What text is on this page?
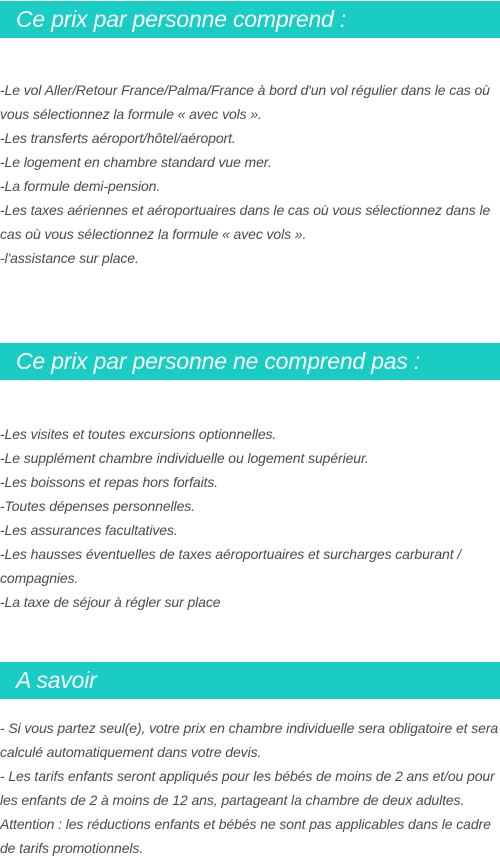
Ce prix par personne comprend :
-Le vol Aller/Retour France/Palma/France à bord d'un vol régulier dans le cas où vous sélectionnez la formule « avec vols ».
-Les transferts aéroport/hôtel/aéroport.
-Le logement en chambre standard vue mer.
-La formule demi-pension.
-Les taxes aériennes et aéroportuaires dans le cas où vous sélectionnez dans le cas où vous sélectionnez la formule « avec vols ».
-l'assistance sur place.
Ce prix par personne ne comprend pas :
-Les visites et toutes excursions optionnelles.
-Le supplément chambre individuelle ou logement supérieur.
-Les boissons et repas hors forfaits.
-Toutes dépenses personnelles.
-Les assurances facultatives.
-Les hausses éventuelles de taxes aéroportuaires et surcharges carburant / compagnies.
-La taxe de séjour à régler sur place
A savoir
- Si vous partez seul(e), votre prix en chambre individuelle sera obligatoire et sera calculé automatiquement dans votre devis.
- Les tarifs enfants seront appliqués pour les bébés de moins de 2 ans et/ou pour les enfants de 2 à moins de 12 ans, partageant la chambre de deux adultes.
Attention : les réductions enfants et bébés ne sont pas applicables dans le cadre de tarifs promotionnels.
